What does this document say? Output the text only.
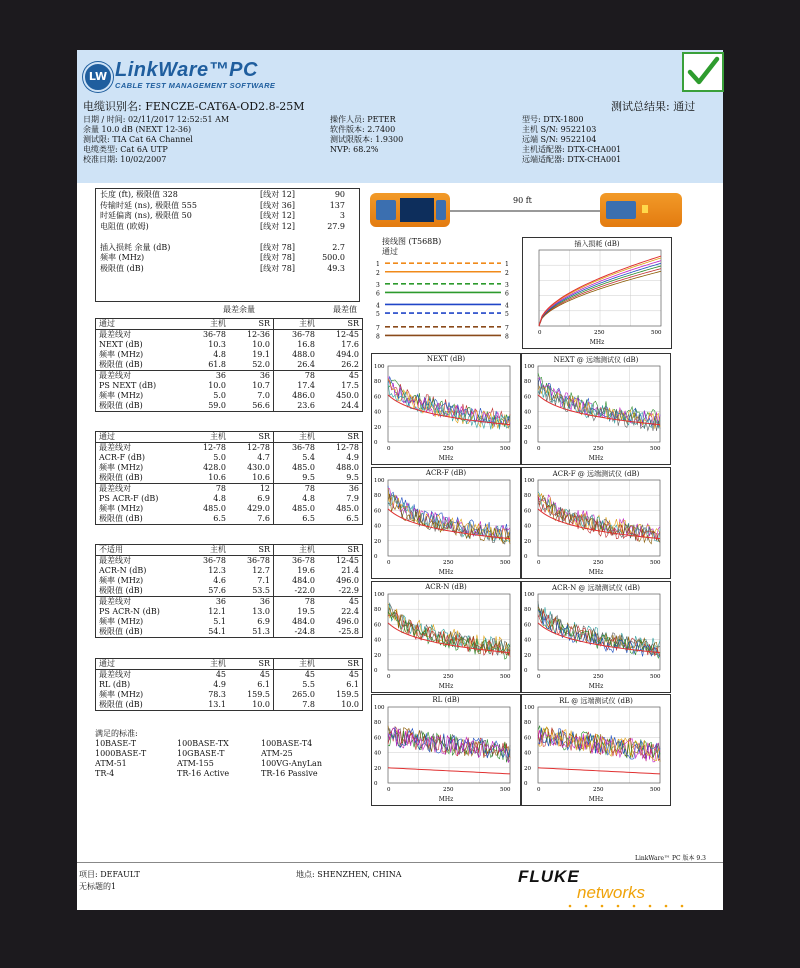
LW LinkWare™PC
CABLE TEST MANAGEMENT SOFTWARE
电缆识别名: FENCZE-CAT6A-OD2.8-25M	测试总结果: 通过
日期 / 时间: 02/11/2017 12:52:51 AM
余量 10.0 dB (NEXT 12-36)
测试限: TIA Cat 6A Channel
电缆类型: Cat 6A UTP
校准日期: 10/02/2007
操作人员: PETER
软件版本: 2.7400
测试限版本: 1.9300
NVP: 68.2%
型号: DTX-1800
主机 S/N: 9522103
远端 S/N: 9522104
主机适配器: DTX-CHA001
远端适配器: DTX-CHA001
长度 (ft), 极限值 328	[线对 12]	90
传输时延 (ns), 极限值 555	[线对 36]	137
时延偏离 (ns), 极限值 50	[线对 12]	3
电阻值 (欧姆)	[线对 12]	27.9

插入损耗 余量 (dB)	[线对 78]	2.7
频率 (MHz)	[线对 78]	500.0
极限值 (dB)	[线对 78]	49.3
最差余量	最差值
通过	主机	SR	主机	SR
最差线对	36-78	12-36	36-78	12-45
NEXT (dB)	10.3	10.0	16.8	17.6
频率 (MHz)	4.8	19.1	488.0	494.0
极限值 (dB)	61.8	52.0	26.4	26.2
最差线对	36	36	78	45
PS NEXT (dB)	10.0	10.7	17.4	17.5
频率 (MHz)	5.0	7.0	486.0	450.0
极限值 (dB)	59.0	56.6	23.6	24.4
通过	主机	SR	主机	SR
最差线对	12-78	12-78	36-78	12-78
ACR-F (dB)	5.0	4.7	5.4	4.9
频率 (MHz)	428.0	430.0	485.0	488.0
极限值 (dB)	10.6	10.6	9.5	9.5
最差线对	78	12	78	36
PS ACR-F (dB)	4.8	6.9	4.8	7.9
频率 (MHz)	485.0	429.0	485.0	485.0
极限值 (dB)	6.5	7.6	6.5	6.5
不适用	主机	SR	主机	SR
最差线对	36-78	36-78	36-78	12-45
ACR-N (dB)	12.3	12.7	19.6	21.4
频率 (MHz)	4.6	7.1	484.0	496.0
极限值 (dB)	57.6	53.5	-22.0	-22.9
最差线对	36	36	78	45
PS ACR-N (dB)	12.1	13.0	19.5	22.4
频率 (MHz)	5.1	6.9	484.0	496.0
极限值 (dB)	54.1	51.3	-24.8	-25.8
通过	主机	SR	主机	SR
最差线对	45	45	45	45
RL (dB)	4.9	6.1	5.5	6.1
频率 (MHz)	78.3	159.5	265.0	159.5
极限值 (dB)	13.1	10.0	7.8	10.0
满足的标准:
10BASE-T	100BASE-TX	100BASE-T4
1000BASE-T	10GBASE-T	ATM-25
ATM-51	ATM-155	100VG-AnyLan
TR-4	TR-16 Active	TR-16 Passive
90 ft
接线图 (T568B)
通过
1	1
2	2
3	3
6	6
4	4
5	5
7	7
8	8
插入损耗 (dB)
0	250	500
MHz
NEXT (dB)
100
80
60
40
20
0
0	250	500
MHz
NEXT @ 远端测试仪 (dB)
100
80
60
40
20
0
0	250	500
MHz
ACR-F (dB)
100
80
60
40
20
0
0	250	500
MHz
ACR-F @ 远端测试仪 (dB)
100
80
60
40
20
0
0	250	500
MHz
ACR-N (dB)
100
80
60
40
20
0
0	250	500
MHz
ACR-N @ 远端测试仪 (dB)
100
80
60
40
20
0
0	250	500
MHz
RL (dB)
100
80
60
40
20
0
0	250	500
MHz
RL @ 远端测试仪 (dB)
100
80
60
40
20
0
0	250	500
MHz
LinkWare™ PC 版本 9.3
项目: DEFAULT
无标题的1
地点: SHENZHEN, CHINA	FLUKE
networks
